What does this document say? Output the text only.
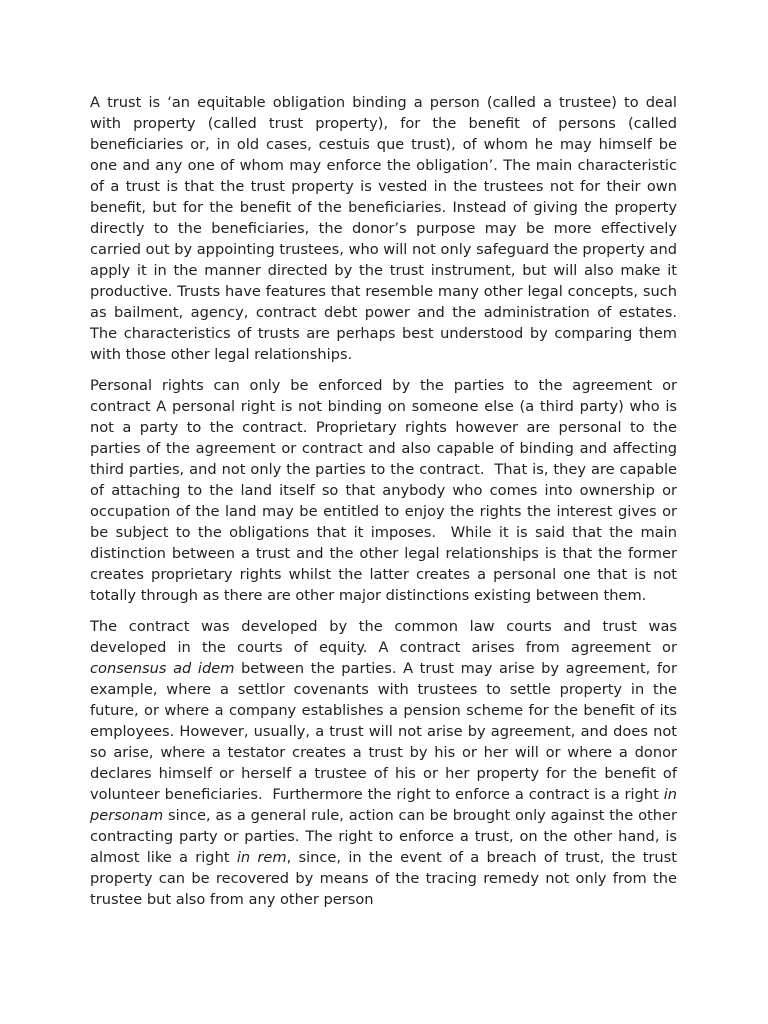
A trust is ‘an equitable obligation binding a person (called a trustee) to deal with property (called trust property), for the benefit of persons (called beneficiaries or, in old cases, cestuis que trust), of whom he may himself be one and any one of whom may enforce the obligation’. The main characteristic of a trust is that the trust property is vested in the trustees not for their own benefit, but for the benefit of the beneficiaries. Instead of giving the property directly to the beneficiaries, the donor’s purpose may be more effectively carried out by appointing trustees, who will not only safeguard the property and apply it in the manner directed by the trust instrument, but will also make it productive. Trusts have features that resemble many other legal concepts, such as bailment, agency, contract debt power and the administration of estates. The characteristics of trusts are perhaps best understood by comparing them with those other legal relationships.

Personal rights can only be enforced by the parties to the agreement or contract A personal right is not binding on someone else (a third party) who is not a party to the contract. Proprietary rights however are personal to the parties of the agreement or contract and also capable of binding and affecting third parties, and not only the parties to the contract.  That is, they are capable of attaching to the land itself so that anybody who comes into ownership or occupation of the land may be entitled to enjoy the rights the interest gives or be subject to the obligations that it imposes.  While it is said that the main distinction between a trust and the other legal relationships is that the former creates proprietary rights whilst the latter creates a personal one that is not totally through as there are other major distinctions existing between them.

The contract was developed by the common law courts and trust was developed in the courts of equity. A contract arises from agreement or consensus ad idem between the parties. A trust may arise by agreement, for example, where a settlor covenants with trustees to settle property in the future, or where a company establishes a pension scheme for the benefit of its employees. However, usually, a trust will not arise by agreement, and does not so arise, where a testator creates a trust by his or her will or where a donor declares himself or herself a trustee of his or her property for the benefit of volunteer beneficiaries.  Furthermore the right to enforce a contract is a right in personam since, as a general rule, action can be brought only against the other contracting party or parties. The right to enforce a trust, on the other hand, is almost like a right in rem, since, in the event of a breach of trust, the trust property can be recovered by means of the tracing remedy not only from the trustee but also from any other person
